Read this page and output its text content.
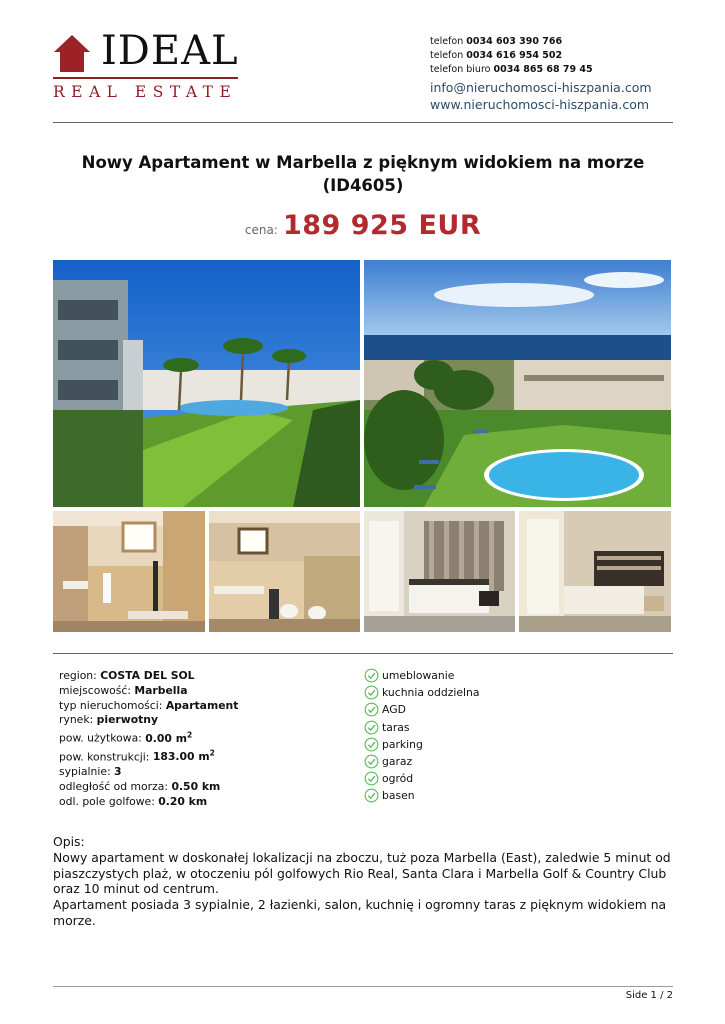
IDEAL
REAL ESTATE
telefon 0034 603 390 766
telefon 0034 616 954 502
telefon biuro 0034 865 68 79 45
info@nieruchomosci-hiszpania.com
www.nieruchomosci-hiszpania.com
Nowy Apartament w Marbella z pięknym widokiem na morze (ID4605)
cena: 189 925 EUR
region: COSTA DEL SOL
miejscowość: Marbella
typ nieruchomości: Apartament
rynek: pierwotny
pow. użytkowa: 0.00 $m^2$
pow. konstrukcji: 183.00 $m^2$
sypialnie: 3
odległość od morza: 0.50 km
odl. pole golfowe: 0.20 km
umeblowanie
kuchnia oddzielna
AGD
taras
parking
garaz
ogród
basen

Opis:

Nowy apartament w doskonałej lokalizacji na zboczu, tuż poza Marbella (East), zaledwie 5 minut od piaszczystych plaż, w otoczeniu pól golfowych Rio Real, Santa Clara i Marbella Golf & Country Club oraz 10 minut od centrum.

Apartament posiada 3 sypialnie, 2 łazienki, salon, kuchnię i ogromny taras z pięknym widokiem na morze.

Side 1 / 2
